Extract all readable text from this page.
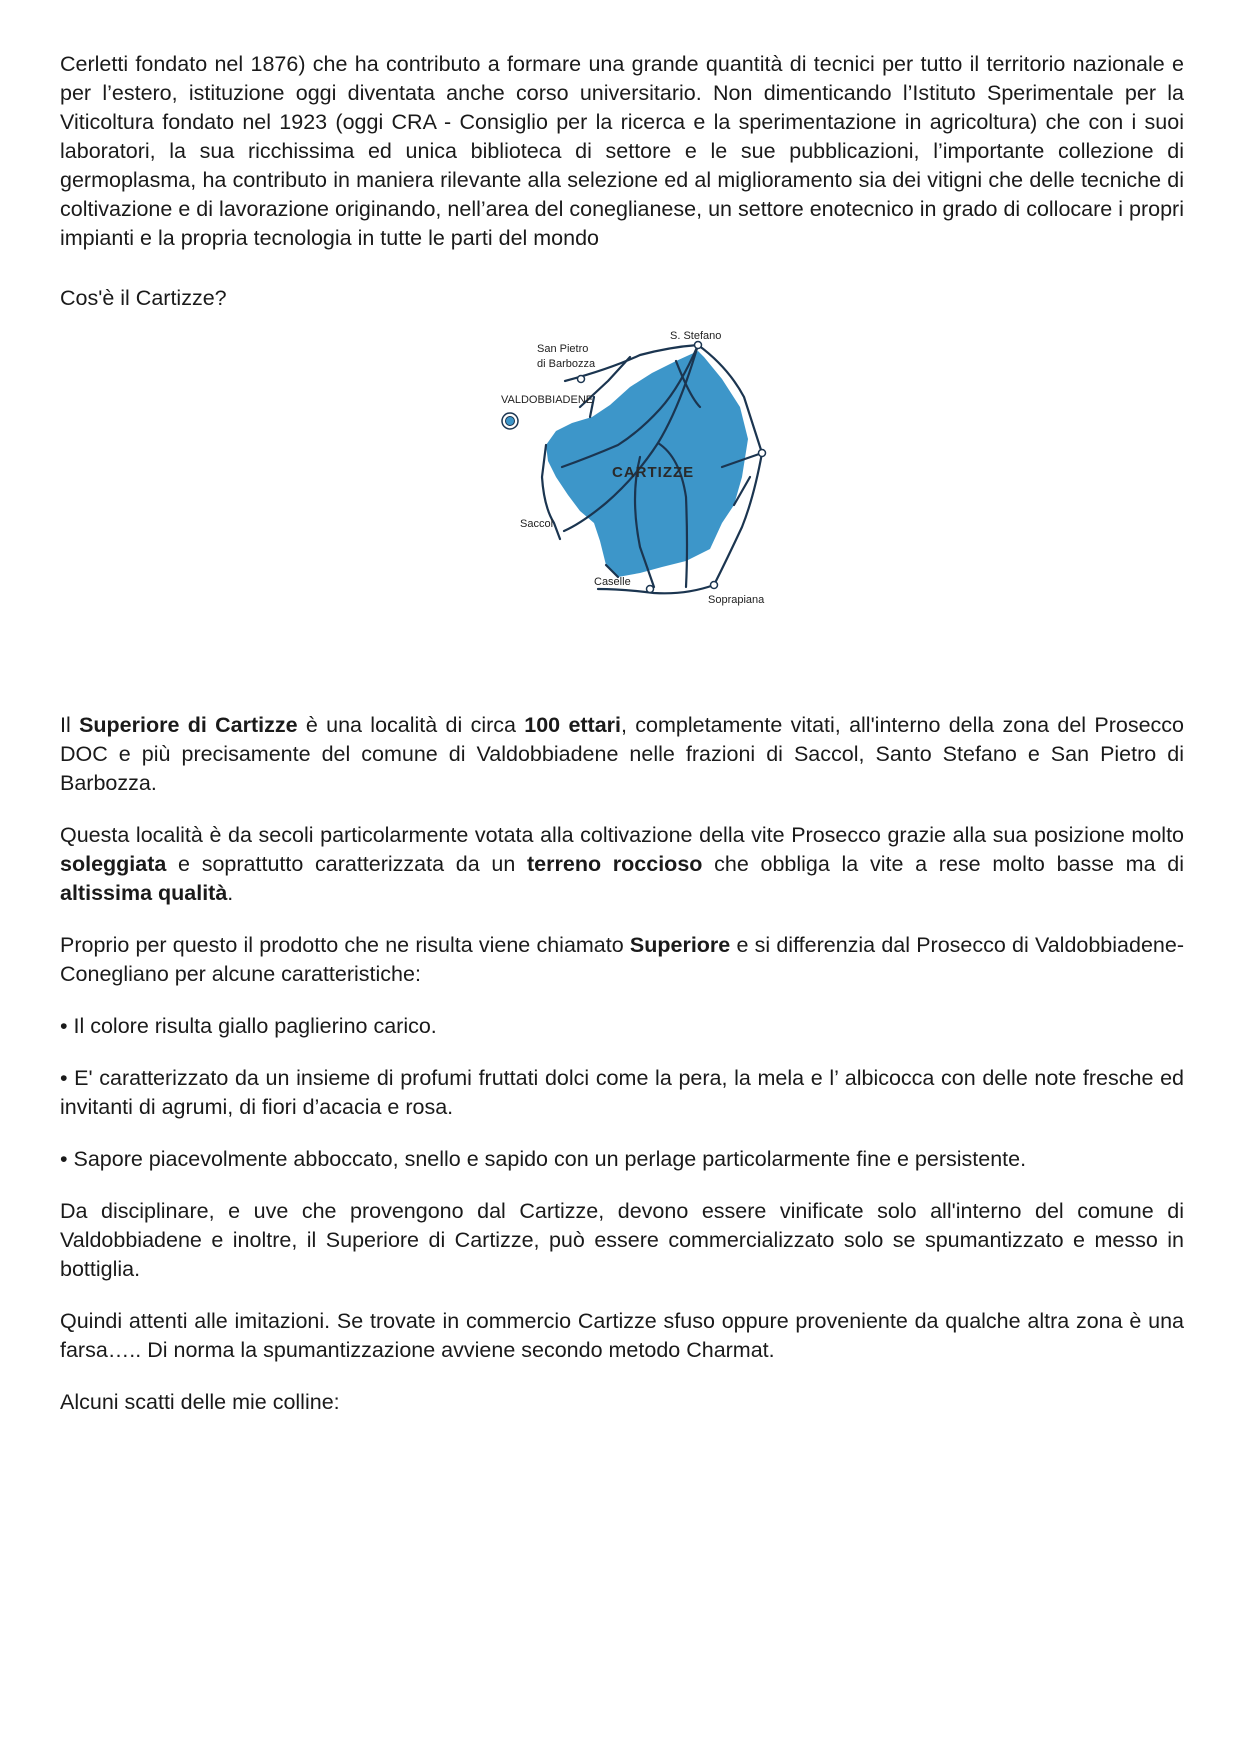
Cerletti fondato nel 1876) che ha contributo a formare una grande quantità di tecnici per tutto il territorio nazionale e per l’estero, istituzione oggi diventata anche corso universitario. Non dimenticando l’Istituto Sperimentale per la Viticoltura fondato nel 1923 (oggi CRA - Consiglio per la ricerca e la sperimentazione in agricoltura) che con i suoi laboratori, la sua ricchissima ed unica biblioteca di settore e le sue pubblicazioni, l’importante collezione di germoplasma, ha contributo in maniera rilevante alla selezione ed al miglioramento sia dei vitigni che delle tecniche di coltivazione e di lavorazione originando, nell’area del coneglianese, un settore enotecnico in grado di collocare i propri impianti e la propria tecnologia in tutte le parti del mondo

Cos'è il Cartizze?

San Pietro
di Barbozza
S. Stefano
VALDOBBIADENE
CARTIZZE
Saccol
Caselle
Soprapiana

Il Superiore di Cartizze è una località di circa 100 ettari, completamente vitati, all'interno della zona del Prosecco DOC e più precisamente del comune di Valdobbiadene nelle frazioni di Saccol, Santo Stefano e San Pietro di Barbozza.

Questa località è da secoli particolarmente votata alla coltivazione della vite Prosecco grazie alla sua posizione molto soleggiata e soprattutto caratterizzata da un terreno roccioso che obbliga la vite a rese molto basse ma di altissima qualità.

Proprio per questo il prodotto che ne risulta viene chiamato Superiore e si differenzia dal Prosecco di Valdobbiadene-Conegliano per alcune caratteristiche:

• Il colore risulta giallo paglierino carico.

• E' caratterizzato da un insieme di profumi fruttati dolci come la pera, la mela e l’ albicocca con delle note fresche ed invitanti di agrumi, di fiori d’acacia e rosa.

• Sapore piacevolmente abboccato, snello e sapido con un perlage particolarmente fine e persistente.

Da disciplinare, e uve che provengono dal Cartizze, devono essere vinificate solo all'interno del comune di Valdobbiadene e inoltre, il Superiore di Cartizze, può essere commercializzato solo se spumantizzato e messo in bottiglia.

Quindi attenti alle imitazioni. Se trovate in commercio Cartizze sfuso oppure proveniente da qualche altra zona è una farsa….. Di norma la spumantizzazione avviene secondo metodo Charmat.

Alcuni scatti delle mie colline:
